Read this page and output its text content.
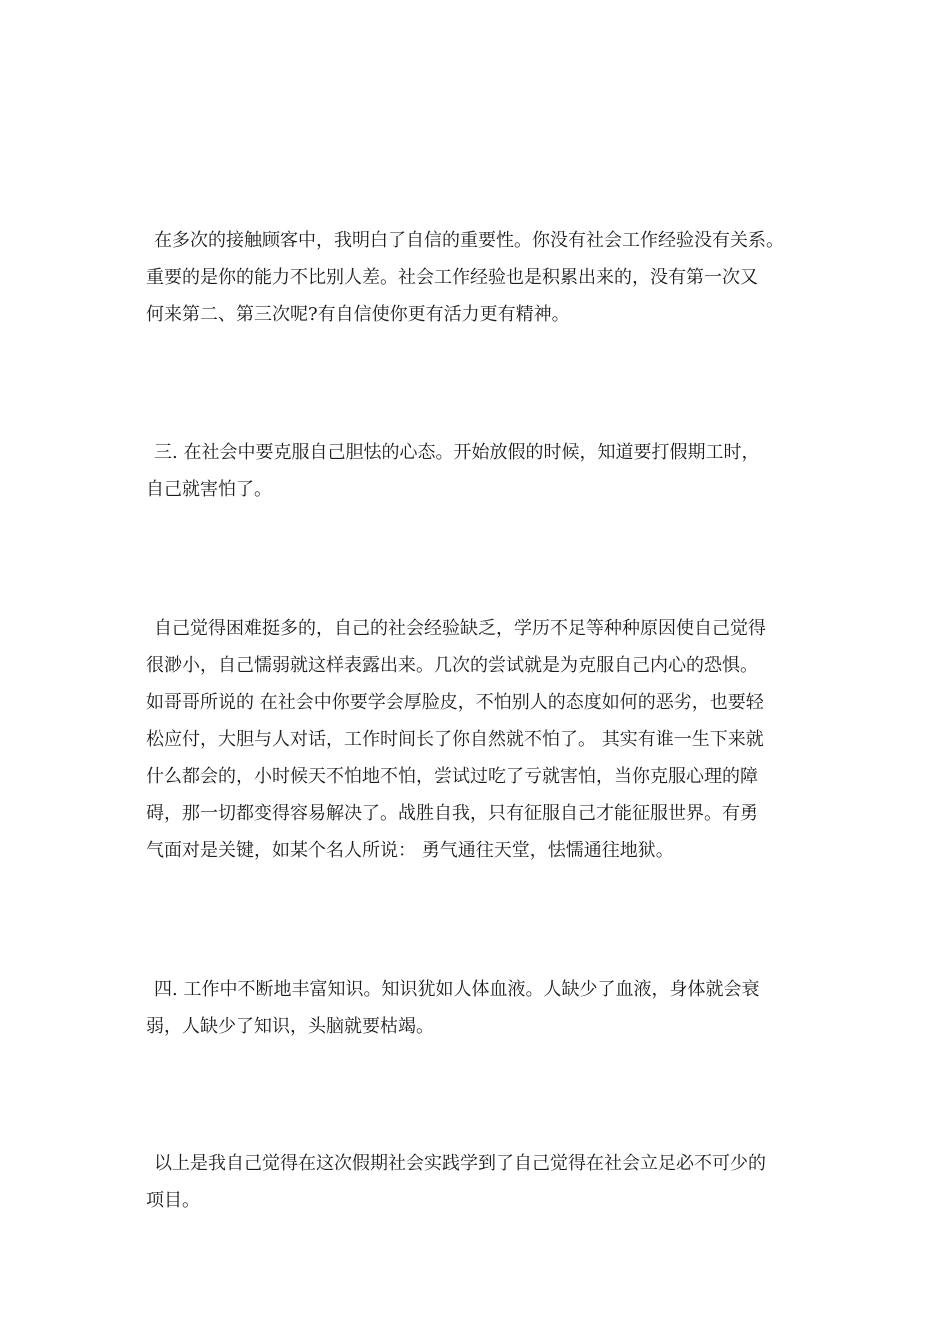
在多次的接触顾客中，我明白了自信的重要性。你没有社会工作经验没有关系。
重要的是你的能力不比别人差。社会工作经验也是积累出来的，没有第一次又
何来第二、第三次呢?有自信使你更有活力更有精神。
三. 在社会中要克服自己胆怯的心态。开始放假的时候，知道要打假期工时，
自己就害怕了。
自己觉得困难挺多的，自己的社会经验缺乏，学历不足等种种原因使自己觉得
很渺小，自己懦弱就这样表露出来。几次的尝试就是为克服自己内心的恐惧。
如哥哥所说的 在社会中你要学会厚脸皮，不怕别人的态度如何的恶劣，也要轻
松应付，大胆与人对话，工作时间长了你自然就不怕了。 其实有谁一生下来就
什么都会的，小时候天不怕地不怕，尝试过吃了亏就害怕，当你克服心理的障
碍，那一切都变得容易解决了。战胜自我，只有征服自己才能征服世界。有勇
气面对是关键，如某个名人所说： 勇气通往天堂，怯懦通往地狱。
四. 工作中不断地丰富知识。知识犹如人体血液。人缺少了血液，身体就会衰
弱，人缺少了知识，头脑就要枯竭。
以上是我自己觉得在这次假期社会实践学到了自己觉得在社会立足必不可少的
项目。
